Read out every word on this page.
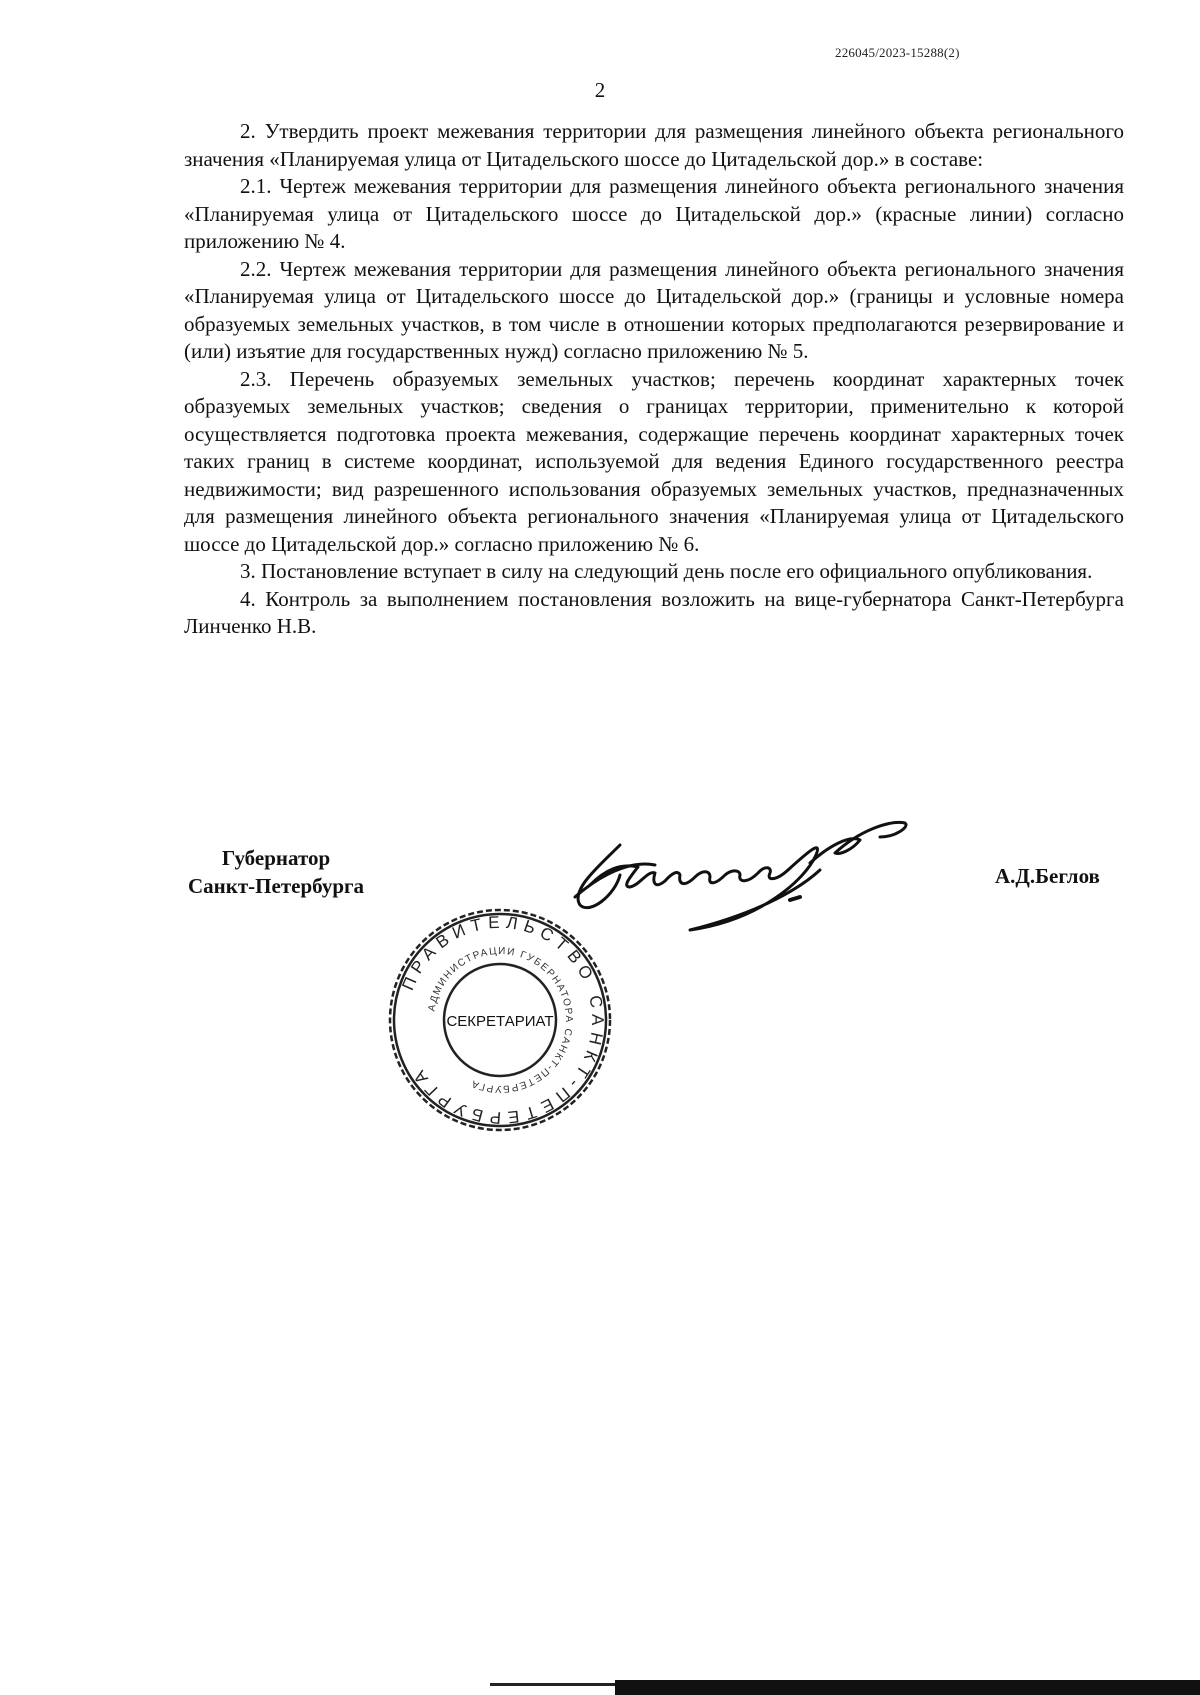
226045/2023-15288(2)
2

2. Утвердить проект межевания территории для размещения линейного объекта регионального значения «Планируемая улица от Цитадельского шоссе до Цитадельской дор.» в составе:

2.1. Чертеж межевания территории для размещения линейного объекта регионального значения «Планируемая улица от Цитадельского шоссе до Цитадельской дор.» (красные линии) согласно приложению № 4.

2.2. Чертеж межевания территории для размещения линейного объекта регионального значения «Планируемая улица от Цитадельского шоссе до Цитадельской дор.» (границы и условные номера образуемых земельных участков, в том числе в отношении которых предполагаются резервирование и (или) изъятие для государственных нужд) согласно приложению № 5.

2.3. Перечень образуемых земельных участков; перечень координат характерных точек образуемых земельных участков; сведения о границах территории, применительно к которой осуществляется подготовка проекта межевания, содержащие перечень координат характерных точек таких границ в системе координат, используемой для ведения Единого государственного реестра недвижимости; вид разрешенного использования образуемых земельных участков, предназначенных для размещения линейного объекта регионального значения «Планируемая улица от Цитадельского шоссе до Цитадельской дор.» согласно приложению № 6.

3. Постановление вступает в силу на следующий день после его официального опубликования.

4. Контроль за выполнением постановления возложить на вице-губернатора Санкт-Петербурга Линченко Н.В.

Губернатор
Санкт-Петербурга	А.Д.Беглов
ПРАВИТЕЛЬСТВО САНКТ-ПЕТЕРБУРГА
АДМИНИСТРАЦИИ ГУБЕРНАТОРА САНКТ-ПЕТЕРБУРГА
СЕКРЕТАРИАТ
